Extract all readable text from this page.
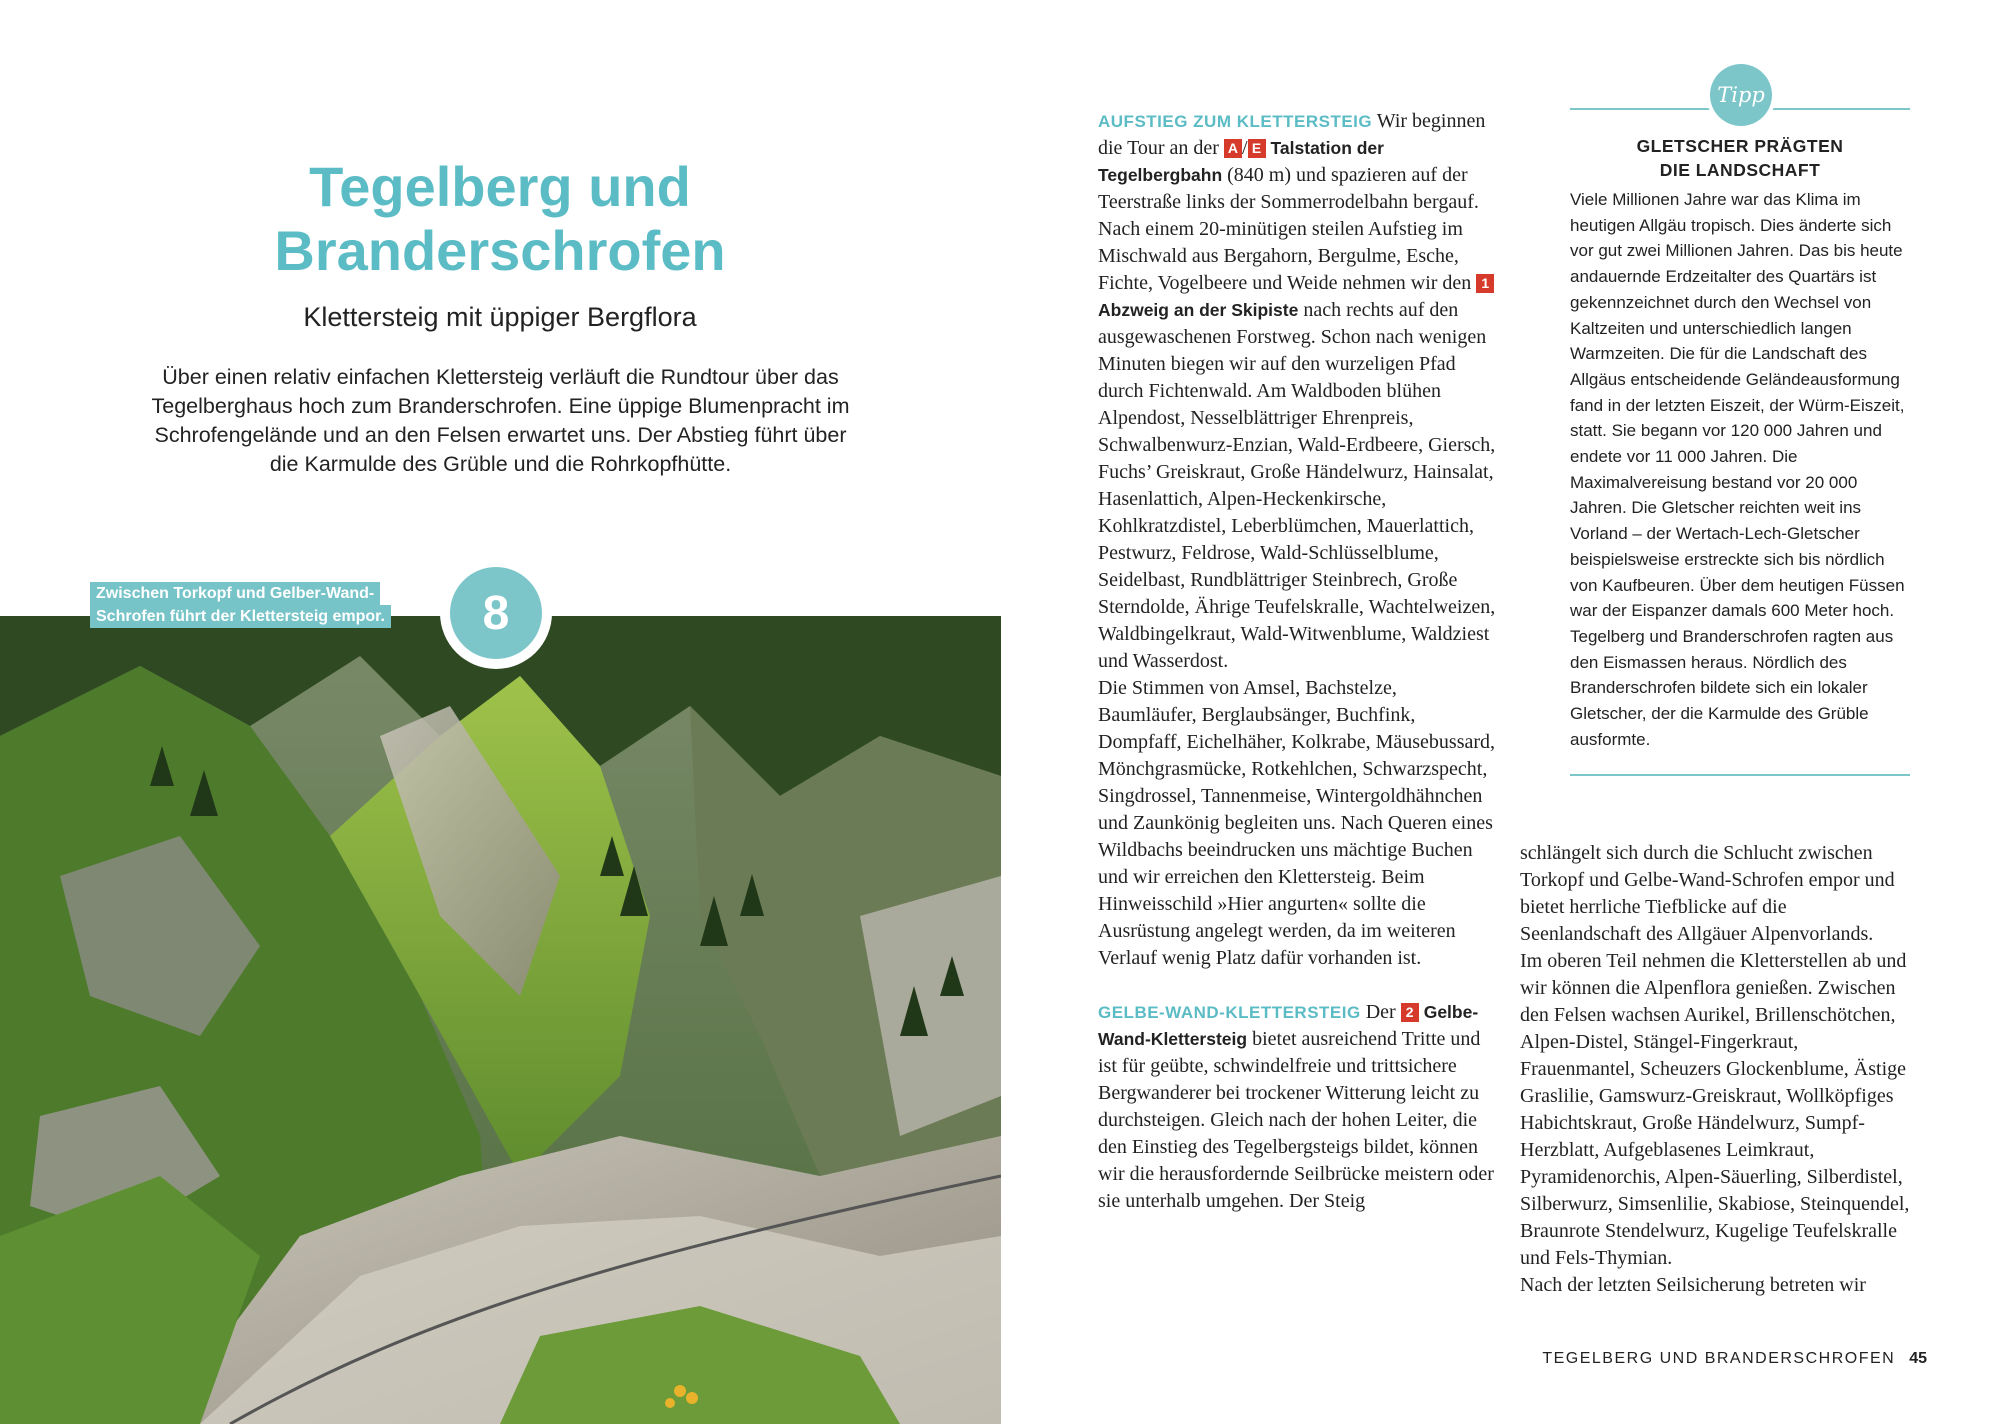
Tegelberg und
Branderschrofen
Klettersteig mit üppiger Bergflora

Über einen relativ einfachen Klettersteig verläuft die Rundtour über das Tegelberghaus hoch zum Branderschrofen. Eine üppige Blumenpracht im Schrofengelände und an den Felsen erwartet uns. Der Abstieg führt über die Karmulde des Grüble und die Rohrkopfhütte.

Zwischen Torkopf und Gelber-Wand-
Schrofen führt der Klettersteig empor.	8

AUFSTIEG ZUM KLETTERSTEIG Wir beginnen die Tour an der A / E Talstation der Tegelbergbahn (840 m) und spazieren auf der Teerstraße links der Sommerrodelbahn bergauf. Nach einem 20-minütigen steilen Aufstieg im Mischwald aus Bergahorn, Bergulme, Esche, Fichte, Vogelbeere und Weide nehmen wir den 1 Abzweig an der Skipiste nach rechts auf den ausgewaschenen Forstweg. Schon nach wenigen Minuten biegen wir auf den wurzeligen Pfad durch Fichtenwald. Am Waldboden blühen Alpendost, Nesselblättriger Ehrenpreis, Schwalbenwurz-Enzian, Wald-Erdbeere, Giersch, Fuchs’ Greiskraut, Große Händelwurz, Hainsalat, Hasenlattich, Alpen-Heckenkirsche, Kohlkratzdistel, Leberblümchen, Mauerlattich, Pestwurz, Feldrose, Wald-Schlüsselblume, Seidelbast, Rundblättriger Steinbrech, Große Sterndolde, Ährige Teufelskralle, Wachtelweizen, Waldbingelkraut, Wald-Witwenblume, Waldziest und Wasserdost.

Die Stimmen von Amsel, Bachstelze, Baumläufer, Berglaubsänger, Buchfink, Dompfaff, Eichelhäher, Kolkrabe, Mäusebussard, Mönchgrasmücke, Rotkehlchen, Schwarzspecht, Singdrossel, Tannenmeise, Wintergoldhähnchen und Zaunkönig begleiten uns. Nach Queren eines Wildbachs beeindrucken uns mächtige Buchen und wir erreichen den Klettersteig. Beim Hinweisschild »Hier angurten« sollte die Ausrüstung angelegt werden, da im weiteren Verlauf wenig Platz dafür vorhanden ist.

GELBE-WAND-KLETTERSTEIG Der 2 Gelbe-Wand-Klettersteig bietet ausreichend Tritte und ist für geübte, schwindelfreie und trittsichere Bergwanderer bei trockener Witterung leicht zu durchsteigen. Gleich nach der hohen Leiter, die den Einstieg des Tegelbergsteigs bildet, können wir die herausfordernde Seilbrücke meistern oder sie unterhalb umgehen. Der Steig

schlängelt sich durch die Schlucht zwischen Torkopf und Gelbe-Wand-Schrofen empor und bietet herrliche Tiefblicke auf die Seenlandschaft des Allgäuer Alpenvorlands.

Im oberen Teil nehmen die Kletterstellen ab und wir können die Alpenflora genießen. Zwischen den Felsen wachsen Aurikel, Brillenschötchen, Alpen-Distel, Stängel-Fingerkraut, Frauenmantel, Scheuzers Glockenblume, Ästige Graslilie, Gamswurz-Greiskraut, Wollköpfiges Habichtskraut, Große Händelwurz, Sumpf-Herzblatt, Aufgeblasenes Leimkraut, Pyramidenorchis, Alpen-Säuerling, Silberdistel, Silberwurz, Simsenlilie, Skabiose, Steinquendel, Braunrote Stendelwurz, Kugelige Teufelskralle und Fels-Thymian.

Nach der letzten Seilsicherung betreten wir

Tipp
GLETSCHER PRÄGTEN
DIE LANDSCHAFT

Viele Millionen Jahre war das Klima im heutigen Allgäu tropisch. Dies änderte sich vor gut zwei Millionen Jahren. Das bis heute andauernde Erdzeitalter des Quartärs ist gekennzeichnet durch den Wechsel von Kaltzeiten und unterschiedlich langen Warmzeiten. Die für die Landschaft des Allgäus entscheidende Geländeausformung fand in der letzten Eiszeit, der Würm-Eiszeit, statt. Sie begann vor 120 000 Jahren und endete vor 11 000 Jahren. Die Maximalvereisung bestand vor 20 000 Jahren. Die Gletscher reichten weit ins Vorland – der Wertach-Lech-Gletscher beispielsweise erstreckte sich bis nördlich von Kaufbeuren. Über dem heutigen Füssen war der Eispanzer damals 600 Meter hoch. Tegelberg und Branderschrofen ragten aus den Eismassen heraus. Nördlich des Branderschrofen bildete sich ein lokaler Gletscher, der die Karmulde des Grüble ausformte.

TEGELBERG UND BRANDERSCHROFEN 45
